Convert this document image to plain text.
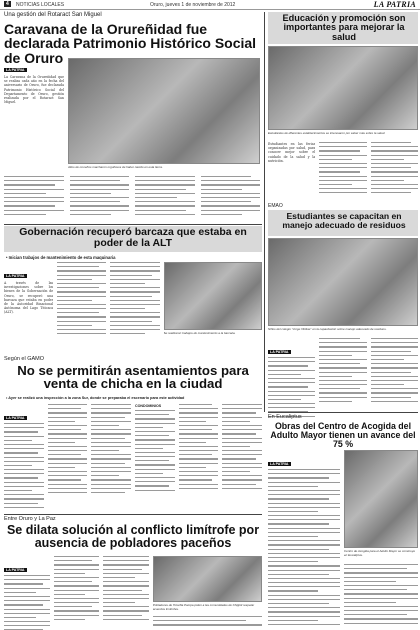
4	NOTICIAS LOCALES	Oruro, jueves 1 de noviembre de 2012	LA PATRIA
Una gestión del Rotaract San Miguel
Caravana de la Orureñidad fue declarada Patrimonio Histórico Social de Oruro
LA PATRIA
La Caravana de la Orureñidad que se realiza cada año en la fecha del aniversario de Oruro, fue declarada Patrimonio Histórico Social del Departamento de Oruro, gestión realizada por el Rotaract San Miguel.
Altos de orureños marcharon orgullosos de haber nacido en esta tierra.
Educación y promoción son importantes para mejorar la salud
Estudiantes de diferentes establecimientos se interesaron por saber más sobre la salud.
Estudiantes en las ferias organizadas por salud, para conocer mejor sobre el cuidado de la salud y la nutrición.
EMAO
Estudiantes se capacitan en manejo adecuado de residuos
Niños del colegio "Jorge Oblitas" en la capacitación sobre manejo adecuado de residuos.
LA PATRIA
Gobernación recuperó barcaza que estaba en poder de la ALT
• Inician trabajos de mantenimiento de esta maquinaria
LA PATRIA
A través de las investigaciones sobre los bienes de la Gobernación de Oruro, se recuperó una barcaza que estaba en poder de la Autoridad Binacional Autónoma del Lago Titicaca (ALT).
Se realizaron trabajos de mantenimiento a la barcaza.
Según el GAMO
No se permitirán asentamientos para venta de chicha en la ciudad
• Ayer se realizó una inspección a la zona Sur, donde se preparaba el escenario para este actividad
LA PATRIA
CONDOMINIOS
En Eucaliptus
Obras del Centro de Acogida del Adulto Mayor tienen un avance del 75 %
LA PATRIA
Centro de Acogida para el Adulto Mayor se construye en Eucaliptus.
Entre Oruro y La Paz
Se dilata solución al conflicto limítrofe por ausencia de pobladores paceños
LA PATRIA
Pobladores de Totorilla Pampa piden a las comunidades de Chijipiti respetar acuerdos limítrofes.
